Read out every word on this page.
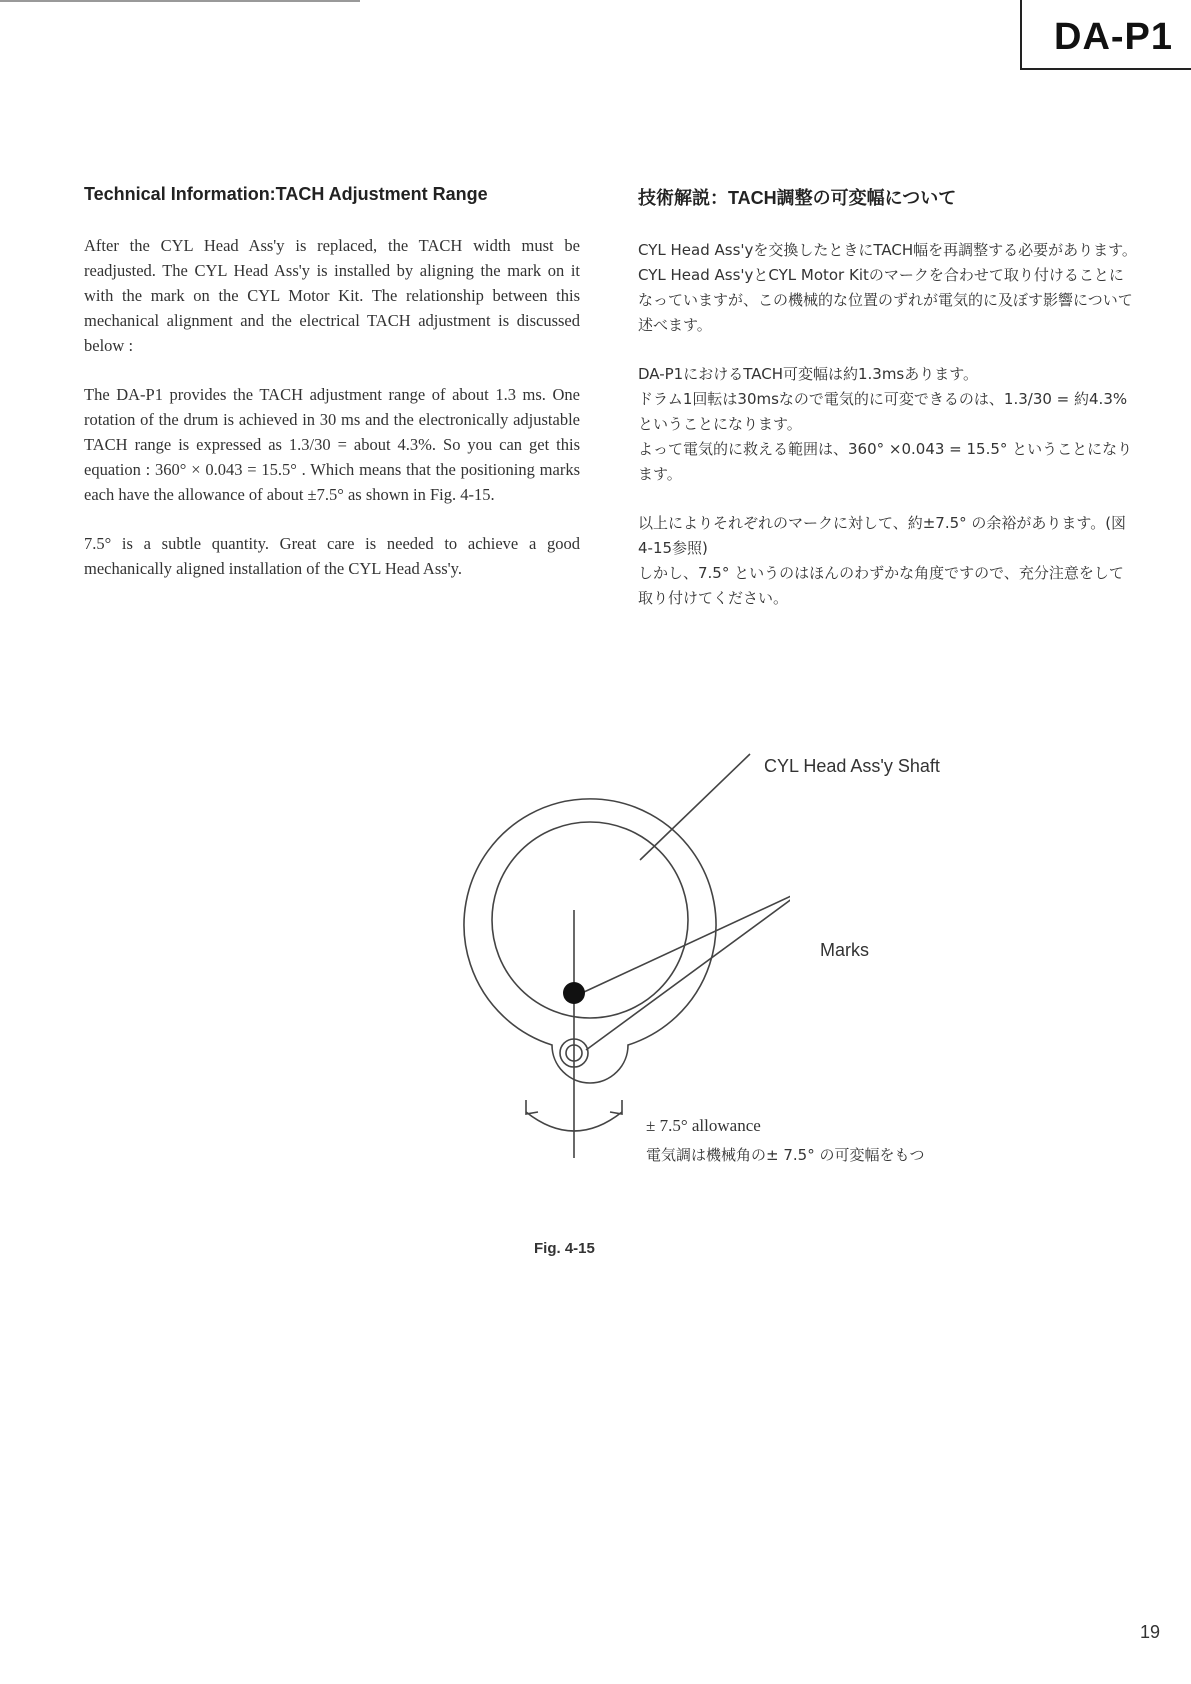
DA-P1
Technical Information:TACH Adjustment Range

After the CYL Head Ass'y is replaced, the TACH width must be readjusted. The CYL Head Ass'y is installed by aligning the mark on it with the mark on the CYL Motor Kit. The relationship between this mechanical alignment and the electrical TACH adjustment is discussed below :

The DA-P1 provides the TACH adjustment range of about 1.3 ms. One rotation of the drum is achieved in 30 ms and the electronically adjustable TACH range is expressed as 1.3/30 = about 4.3%. So you can get this equation : 360° × 0.043 = 15.5° . Which means that the positioning marks each have the allowance of about ±7.5° as shown in Fig. 4-15.

7.5° is a subtle quantity. Great care is needed to achieve a good mechanically aligned installation of the CYL Head Ass'y.

技術解説：TACH調整の可変幅について

CYL Head Ass'yを交換したときにTACH幅を再調整する必要があります。CYL Head Ass'yとCYL Motor Kitのマークを合わせて取り付けることになっていますが、この機械的な位置のずれが電気的に及ぼす影響について述べます。

DA-P1におけるTACH可変幅は約1.3msあります。
ドラム1回転は30msなので電気的に可変できるのは、1.3/30 = 約4.3%ということになります。
よって電気的に救える範囲は、360° ×0.043 = 15.5° ということになります。

以上によりそれぞれのマークに対して、約±7.5° の余裕があります。(図4-15参照)
しかし、7.5° というのはほんのわずかな角度ですので、充分注意をして取り付けてください。

CYL Head Ass'y Shaft
Marks
± 7.5° allowance
電気調は機械角の± 7.5° の可変幅をもつ
Fig. 4-15
19
